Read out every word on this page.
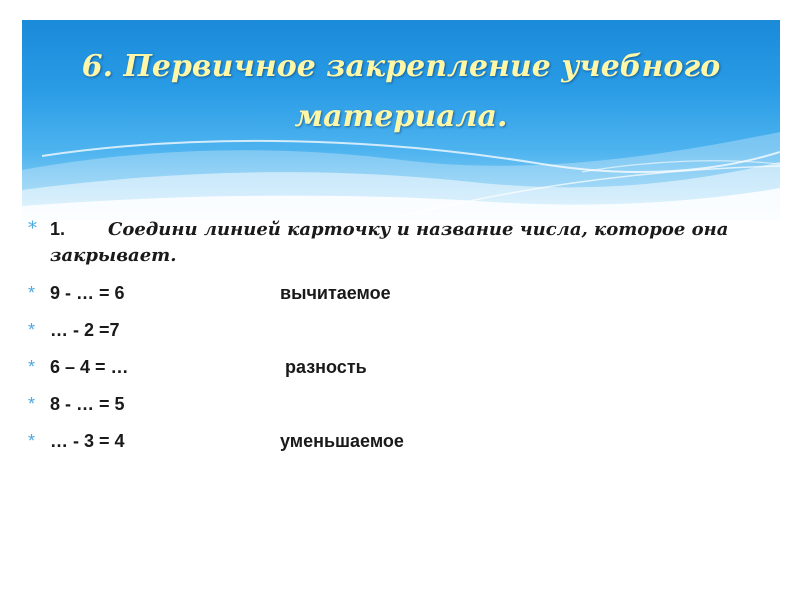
6. Первичное закрепление учебного
материала.
* 1. Соедини линией карточку и название числа, которое она закрывает.
* 9 - … = 6	вычитаемое
* … - 2 =7
* 6 – 4 = …	разность
* 8 - … = 5
* … - 3 = 4	уменьшаемое
